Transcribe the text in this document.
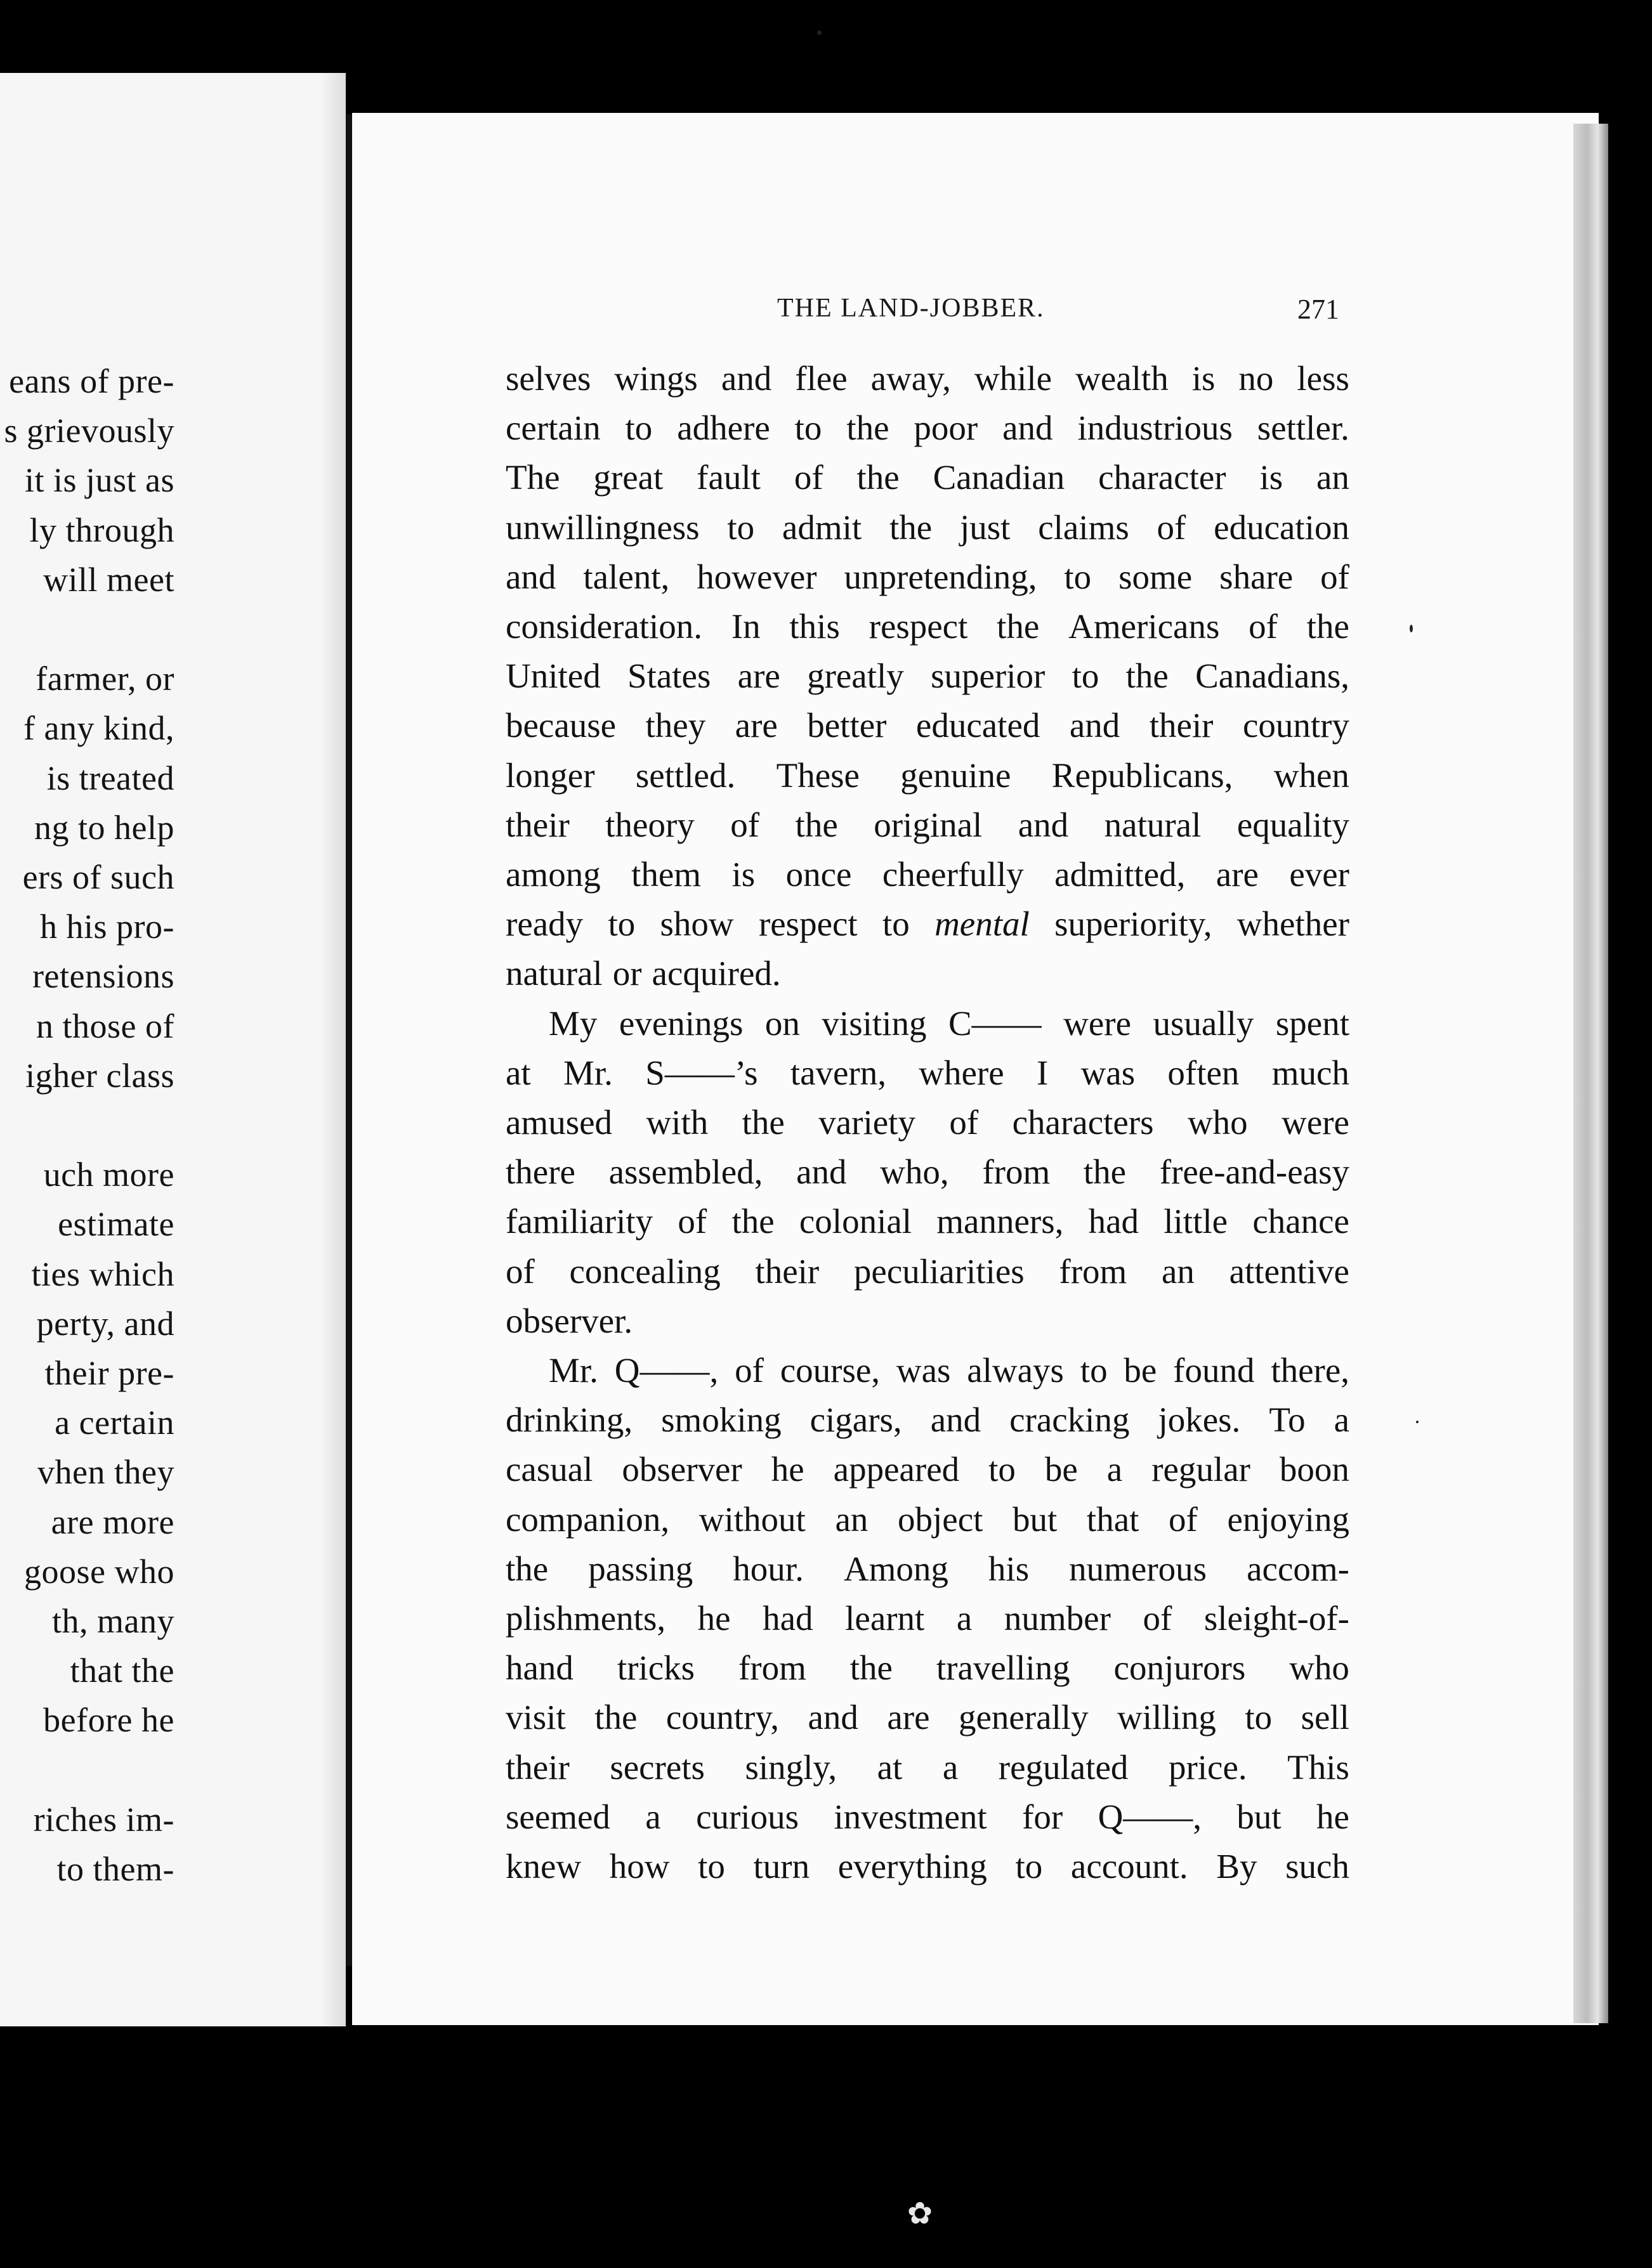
eans of pre-
s grievously
it is just as
ly through
will meet
farmer, or
f any kind,
is treated
ng to help
ers of such
h his pro-
retensions
n those of
igher class
uch more
estimate
ties which
perty, and
their pre-
a certain
vhen they
are more
goose who
th, many
that the
before he
riches im-
to them-
THE LAND-JOBBER.	271
selves wings and flee away, while wealth is no less
certain to adhere to the poor and industrious settler.
The great fault of the Canadian character is an
unwillingness to admit the just claims of education
and talent, however unpretending, to some share of
consideration. In this respect the Americans of the
United States are greatly superior to the Canadians,
because they are better educated and their country
longer settled. These genuine Republicans, when
their theory of the original and natural equality
among them is once cheerfully admitted, are ever
ready to show respect to mental superiority, whether
natural or acquired.
My evenings on visiting C—— were usually spent
at Mr. S——’s tavern, where I was often much
amused with the variety of characters who were
there assembled, and who, from the free-and-easy
familiarity of the colonial manners, had little chance
of concealing their peculiarities from an attentive
observer.
Mr. Q——, of course, was always to be found there,
drinking, smoking cigars, and cracking jokes. To a
casual observer he appeared to be a regular boon
companion, without an object but that of enjoying
the passing hour. Among his numerous accom-
plishments, he had learnt a number of sleight-of-
hand tricks from the travelling conjurors who
visit the country, and are generally willing to sell
their secrets singly, at a regulated price. This
seemed a curious investment for Q——, but he
knew how to turn everything to account. By such
✿
